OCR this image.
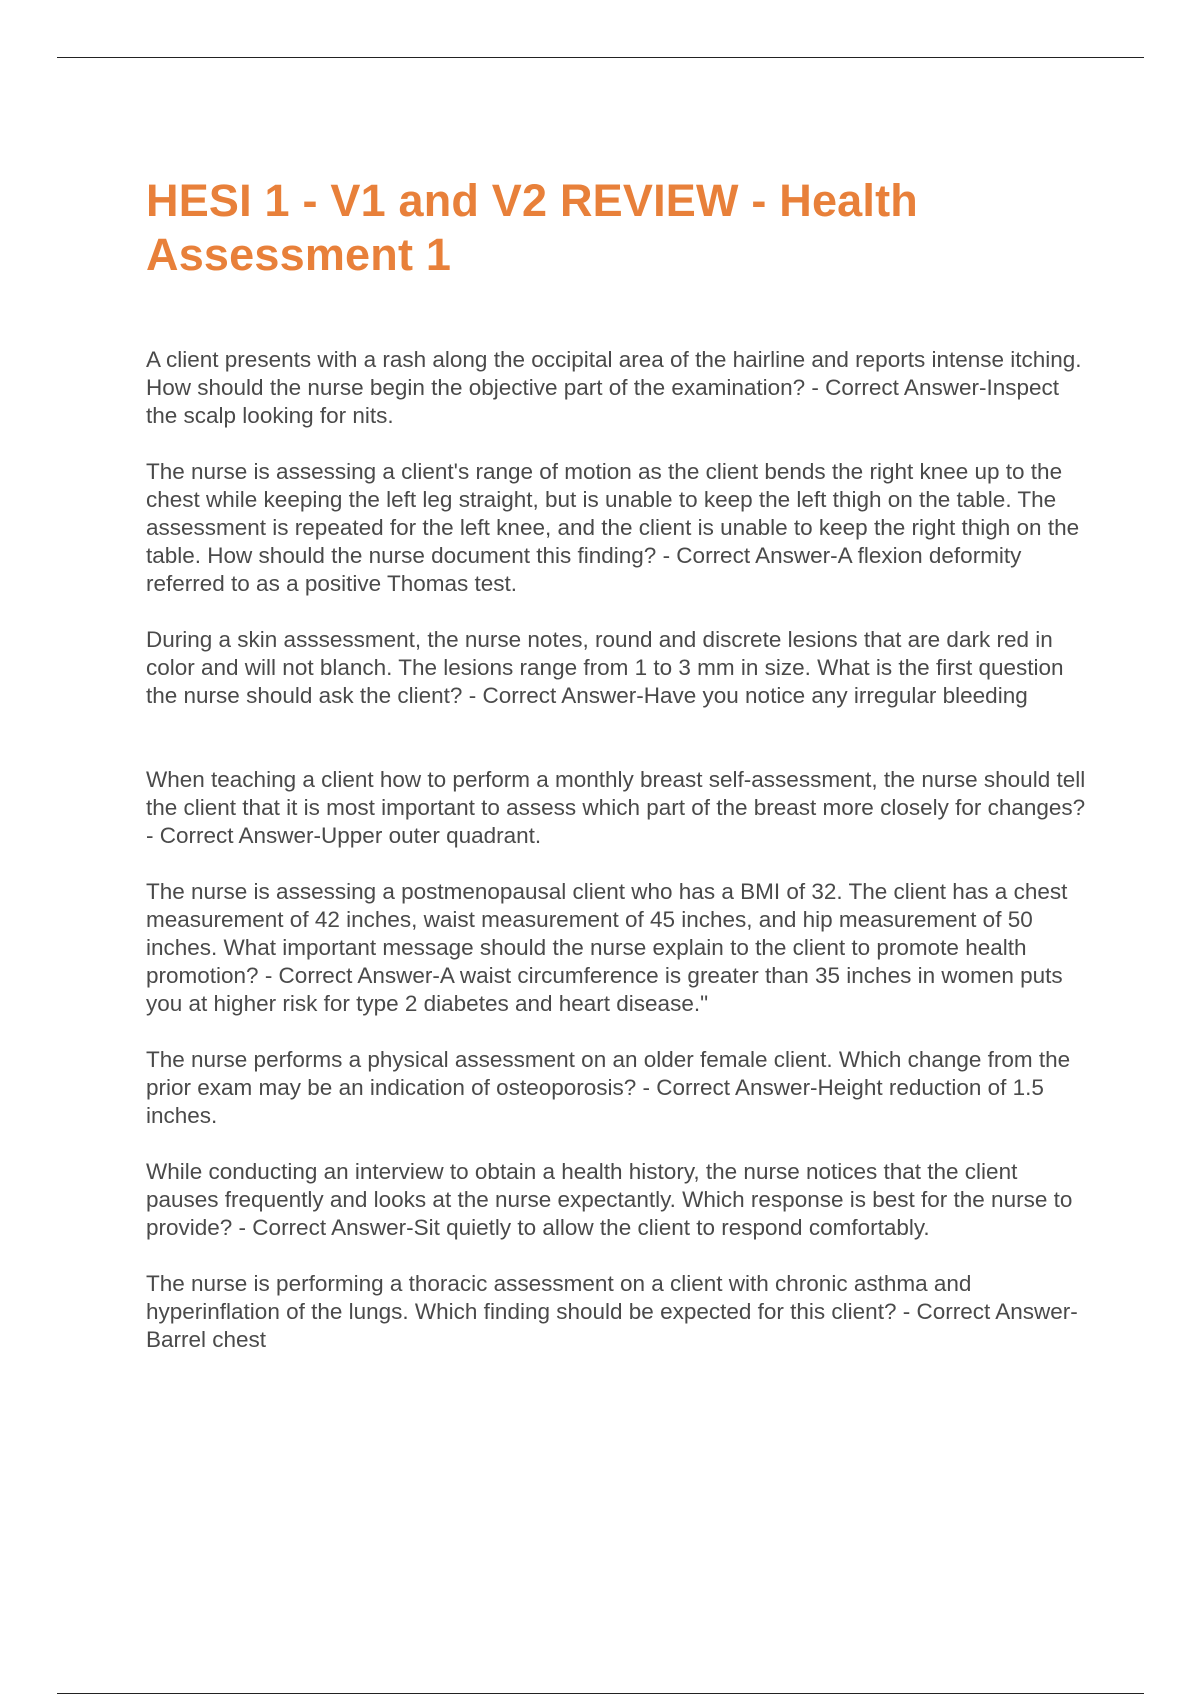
HESI 1 - V1 and V2 REVIEW - Health Assessment 1

A client presents with a rash along the occipital area of the hairline and reports intense itching. How should the nurse begin the objective part of the examination? - Correct Answer-Inspect the scalp looking for nits.

The nurse is assessing a client's range of motion as the client bends the right knee up to the chest while keeping the left leg straight, but is unable to keep the left thigh on the table. The assessment is repeated for the left knee, and the client is unable to keep the right thigh on the table. How should the nurse document this finding? - Correct Answer-A flexion deformity referred to as a positive Thomas test.

During a skin asssessment, the nurse notes, round and discrete lesions that are dark red in color and will not blanch. The lesions range from 1 to 3 mm in size. What is the first question the nurse should ask the client? - Correct Answer-Have you notice any irregular bleeding

When teaching a client how to perform a monthly breast self-assessment, the nurse should tell the client that it is most important to assess which part of the breast more closely for changes? - Correct Answer-Upper outer quadrant.

The nurse is assessing a postmenopausal client who has a BMI of 32. The client has a chest measurement of 42 inches, waist measurement of 45 inches, and hip measurement of 50 inches. What important message should the nurse explain to the client to promote health promotion? - Correct Answer-A waist circumference is greater than 35 inches in women puts you at higher risk for type 2 diabetes and heart disease."

The nurse performs a physical assessment on an older female client. Which change from the prior exam may be an indication of osteoporosis? - Correct Answer-Height reduction of 1.5 inches.

While conducting an interview to obtain a health history, the nurse notices that the client pauses frequently and looks at the nurse expectantly. Which response is best for the nurse to provide? - Correct Answer-Sit quietly to allow the client to respond comfortably.

The nurse is performing a thoracic assessment on a client with chronic asthma and hyperinflation of the lungs. Which finding should be expected for this client? - Correct Answer-Barrel chest
